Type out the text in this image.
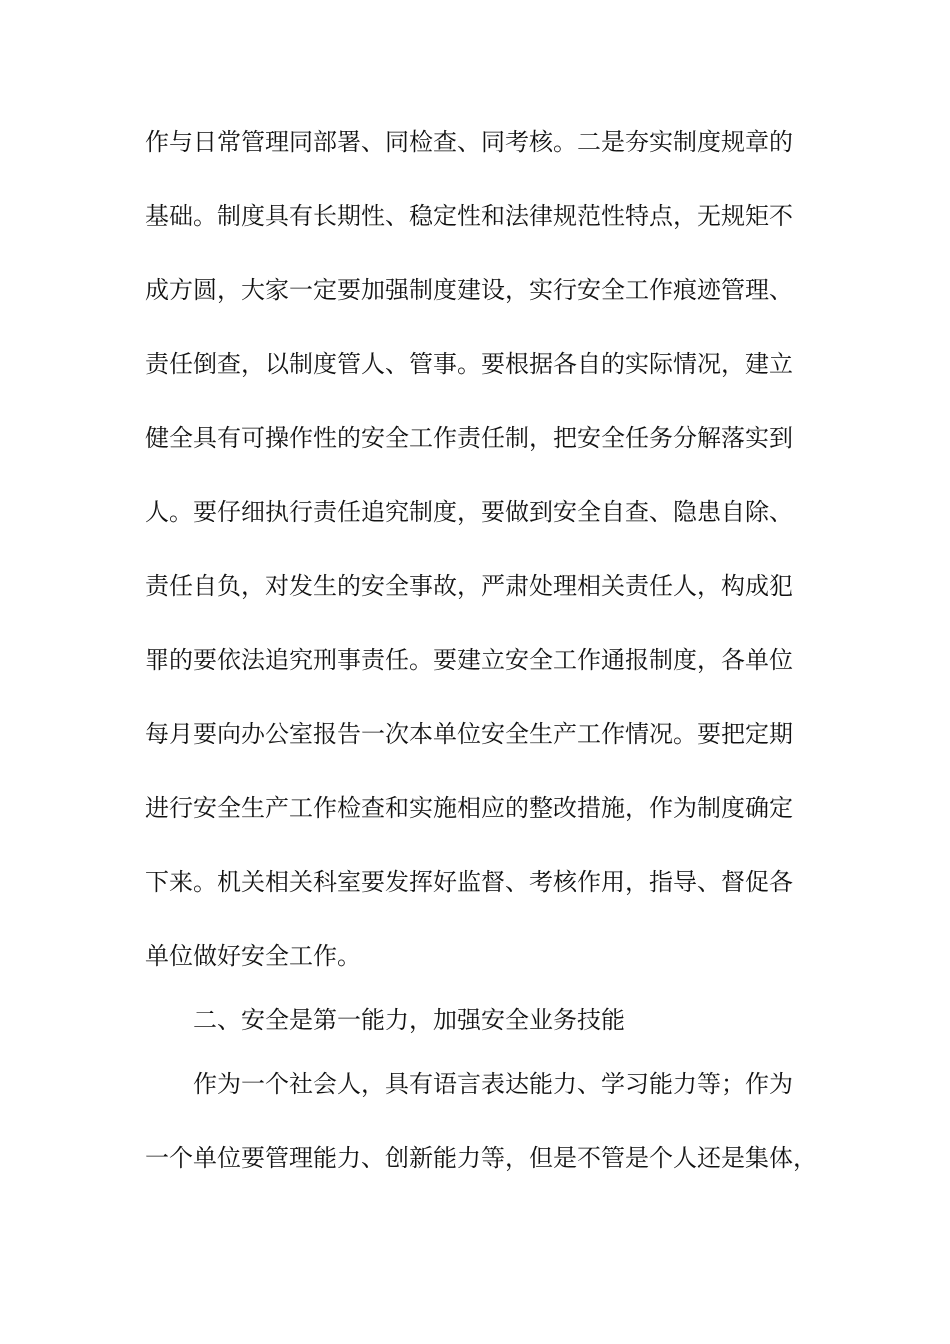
作与日常管理同部署、同检查、同考核。二是夯实制度规章的
基础。制度具有长期性、稳定性和法律规范性特点，无规矩不
成方圆，大家一定要加强制度建设，实行安全工作痕迹管理、
责任倒查，以制度管人、管事。要根据各自的实际情况，建立
健全具有可操作性的安全工作责任制，把安全任务分解落实到
人。要仔细执行责任追究制度，要做到安全自查、隐患自除、
责任自负，对发生的安全事故，严肃处理相关责任人，构成犯
罪的要依法追究刑事责任。要建立安全工作通报制度，各单位
每月要向办公室报告一次本单位安全生产工作情况。要把定期
进行安全生产工作检查和实施相应的整改措施，作为制度确定
下来。机关相关科室要发挥好监督、考核作用，指导、督促各
单位做好安全工作。
二、安全是第一能力，加强安全业务技能
作为一个社会人，具有语言表达能力、学习能力等；作为
一个单位要管理能力、创新能力等，但是不管是个人还是集体，
